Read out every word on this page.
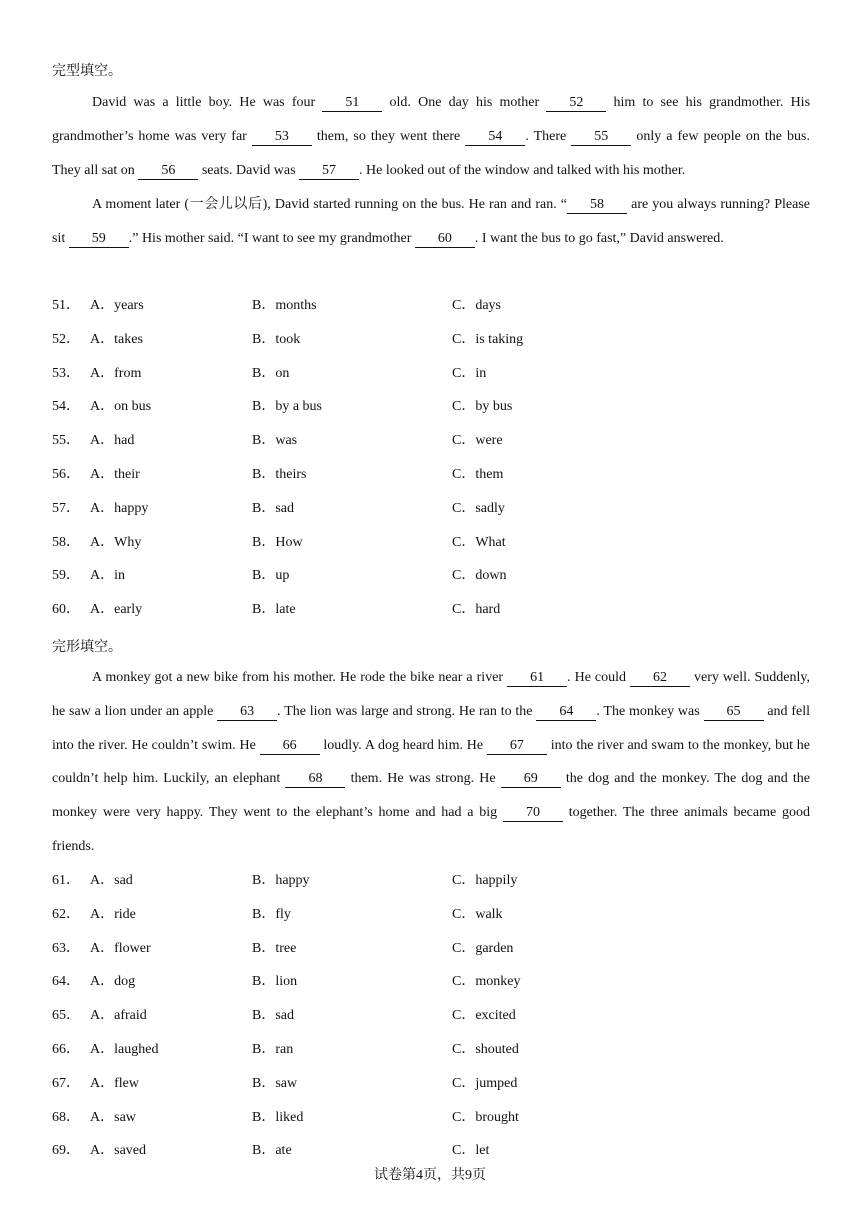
完型填空。

David was a little boy. He was four 51 old. One day his mother 52 him to see his grandmother. His grandmother’s home was very far 53 them, so they went there 54 . There 55 only a few people on the bus. They all sat on 56 seats. David was 57 . He looked out of the window and talked with his mother.

A moment later (一会儿以后), David started running on the bus. He ran and ran. “ 58 are you always running? Please sit 59 .” His mother said. “I want to see my grandmother 60 . I want the bus to go fast,” David answered.

51． A．years	B．months	C．days
52． A．takes	B．took	C．is taking
53． A．from	B．on	C．in
54． A．on bus	B．by a bus	C．by bus
55． A．had	B．was	C．were
56． A．their	B．theirs	C．them
57． A．happy	B．sad	C．sadly
58． A．Why	B．How	C．What
59． A．in	B．up	C．down
60． A．early	B．late	C．hard
完形填空。

A monkey got a new bike from his mother. He rode the bike near a river 61 . He could 62 very well. Suddenly, he saw a lion under an apple 63 . The lion was large and strong. He ran to the 64 . The monkey was 65 and fell into the river. He couldn’t swim. He 66 loudly. A dog heard him. He 67 into the river and swam to the monkey, but he couldn’t help him. Luckily, an elephant 68 them. He was strong. He 69 the dog and the monkey. The dog and the monkey were very happy. They went to the elephant’s home and had a big 70 together. The three animals became good friends.

61． A．sad	B．happy	C．happily
62． A．ride	B．fly	C．walk
63． A．flower	B．tree	C．garden
64． A．dog	B．lion	C．monkey
65． A．afraid	B．sad	C．excited
66． A．laughed	B．ran	C．shouted
67． A．flew	B．saw	C．jumped
68． A．saw	B．liked	C．brought
69． A．saved	B．ate	C．let
试卷第4页，共9页
